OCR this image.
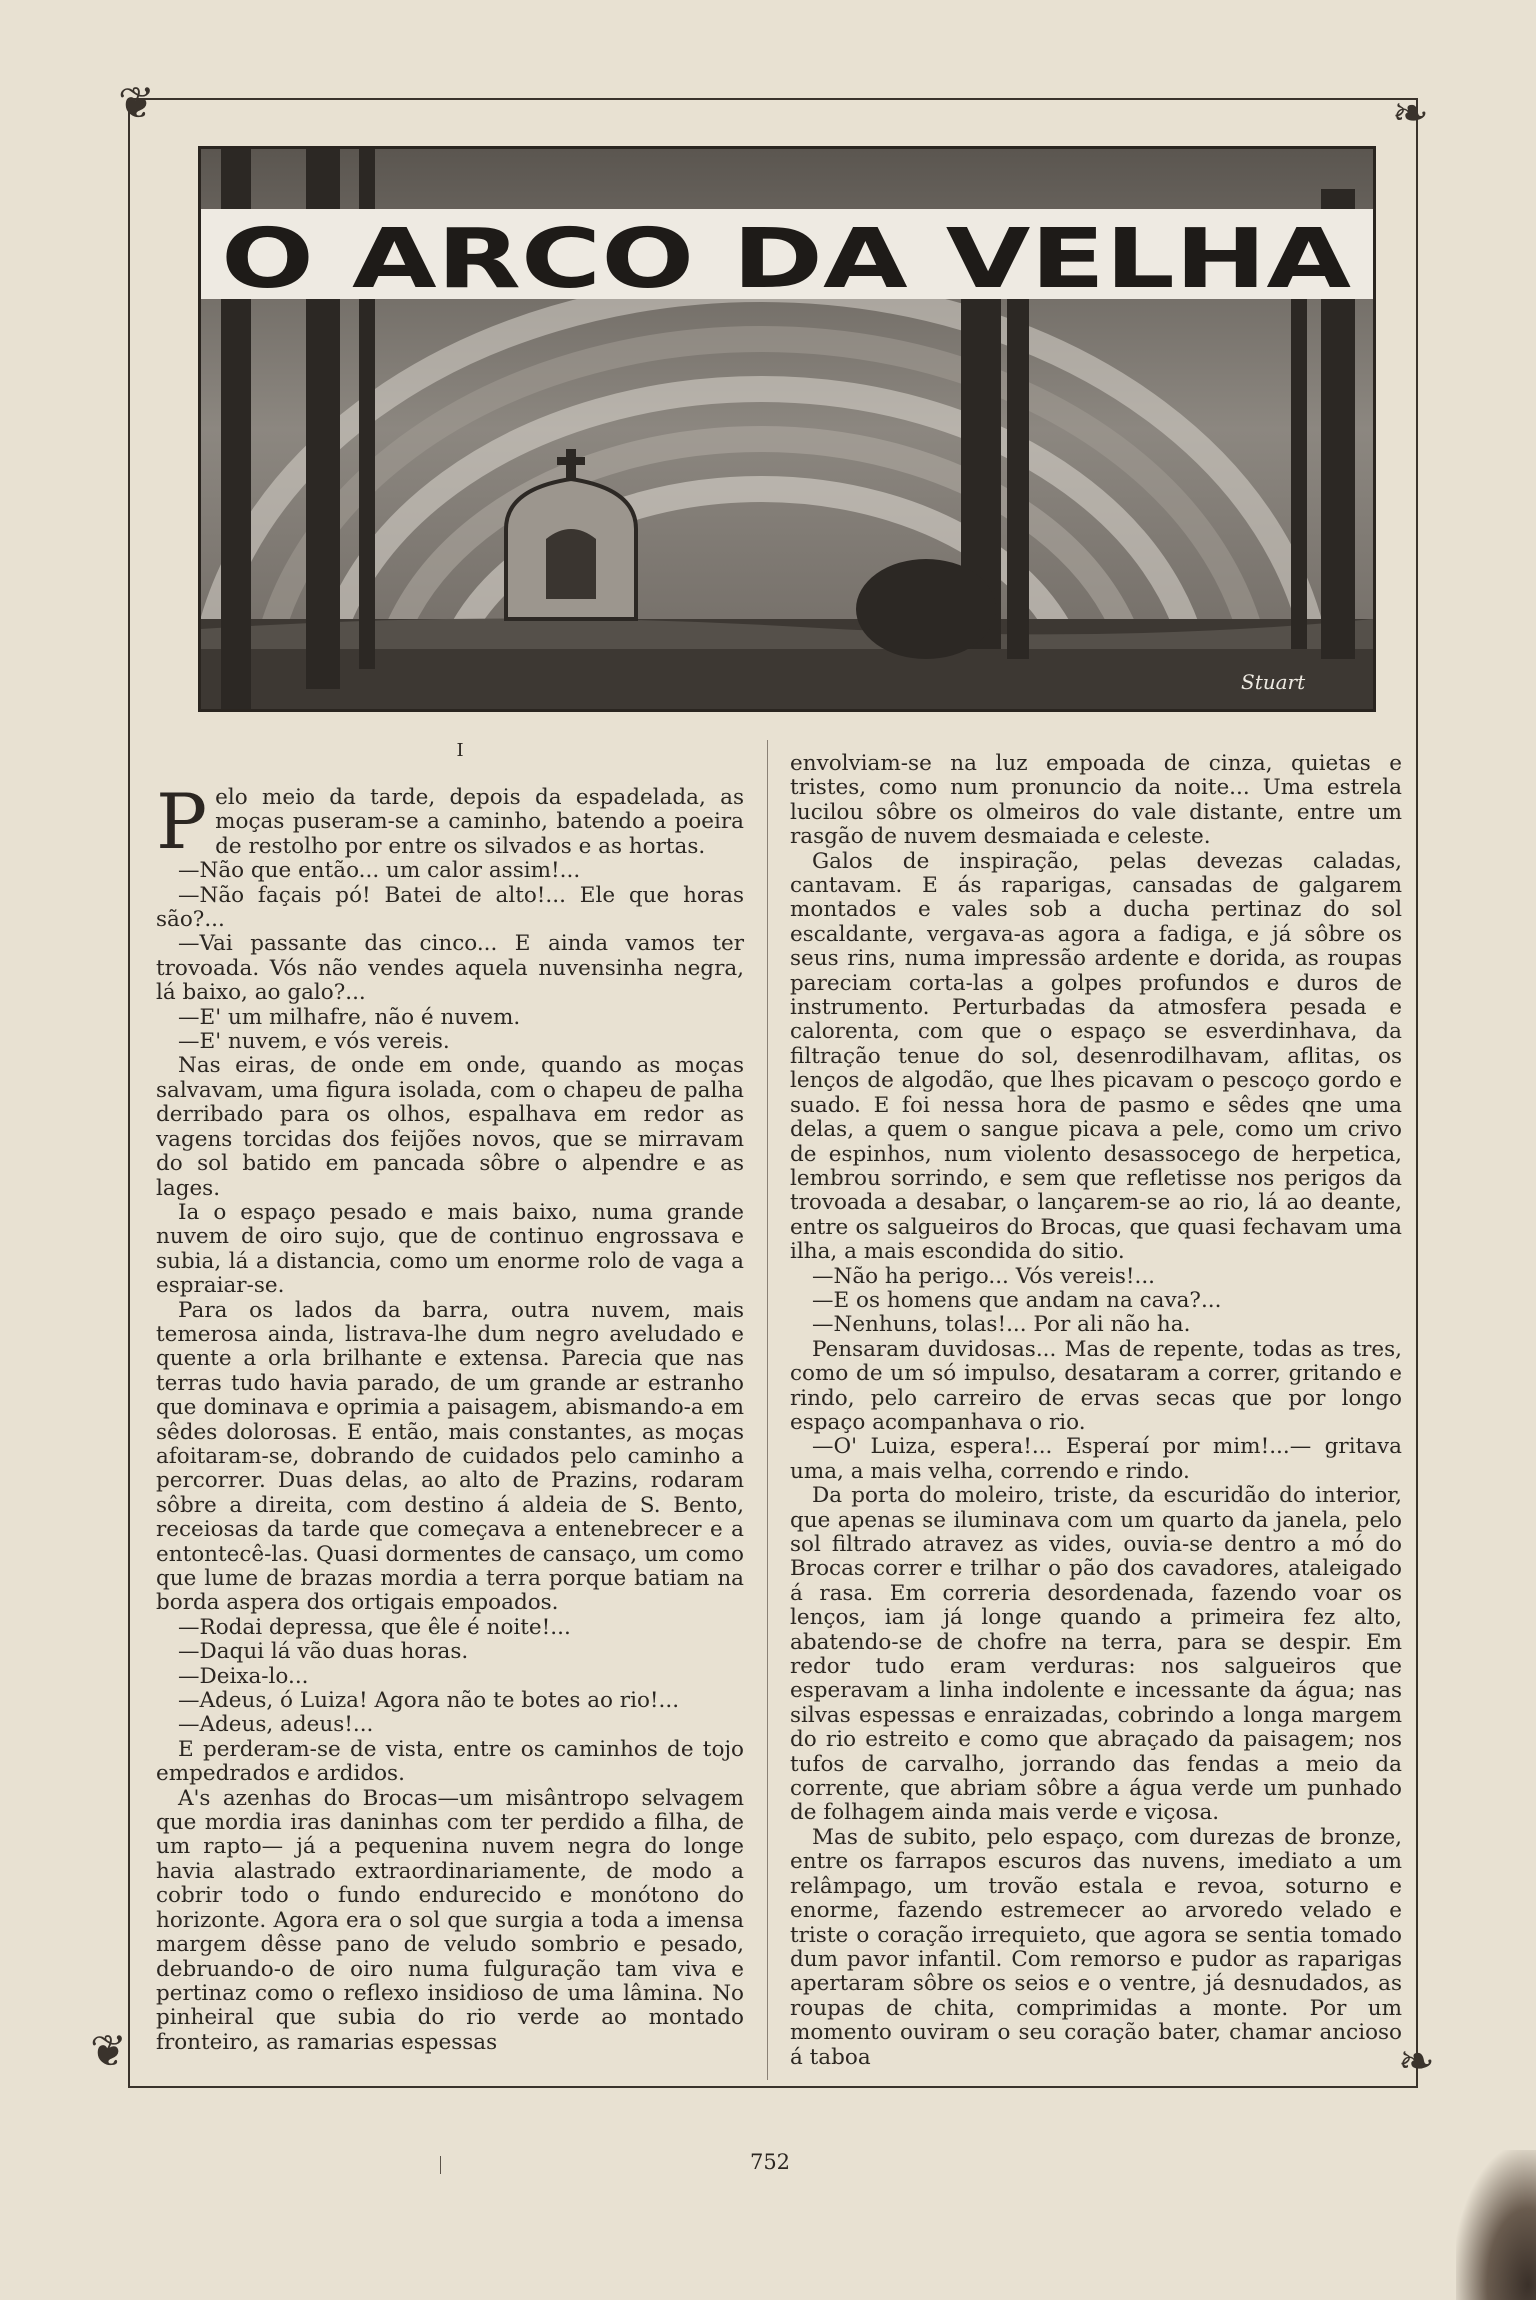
❦	❧
❦	❧
O ARCO DA VELHA
Stuart
I

Pelo meio da tarde, depois da espadelada, as moças puseram-se a caminho, batendo a poeira de restolho por entre os silvados e as hortas.

—Não que então... um calor assim!...

—Não façais pó! Batei de alto!... Ele que horas são?...

—Vai passante das cinco... E ainda vamos ter trovoada. Vós não vendes aquela nuvensinha negra, lá baixo, ao galo?...

—E' um milhafre, não é nuvem.

—E' nuvem, e vós vereis.

Nas eiras, de onde em onde, quando as moças salvavam, uma figura isolada, com o chapeu de palha derribado para os olhos, espalhava em redor as vagens torcidas dos feijões novos, que se mirravam do sol batido em pancada sôbre o alpendre e as lages.

Ia o espaço pesado e mais baixo, numa grande nuvem de oiro sujo, que de continuo engrossava e subia, lá a distancia, como um enorme rolo de vaga a espraiar-se.

Para os lados da barra, outra nuvem, mais temerosa ainda, listrava-lhe dum negro aveludado e quente a orla brilhante e extensa. Parecia que nas terras tudo havia parado, de um grande ar estranho que dominava e oprimia a paisagem, abismando-a em sêdes dolorosas. E então, mais constantes, as moças afoitaram-se, dobrando de cuidados pelo caminho a percorrer. Duas delas, ao alto de Prazins, rodaram sôbre a direita, com destino á aldeia de S. Bento, receiosas da tarde que começava a entenebrecer e a entontecê-las. Quasi dormentes de cansaço, um como que lume de brazas mordia a terra porque batiam na borda aspera dos ortigais empoados.

—Rodai depressa, que êle é noite!...

—Daqui lá vão duas horas.

—Deixa-lo...

—Adeus, ó Luiza! Agora não te botes ao rio!...

—Adeus, adeus!...

E perderam-se de vista, entre os caminhos de tojo empedrados e ardidos.

A's azenhas do Brocas—um misântropo selvagem que mordia iras daninhas com ter perdido a filha, de um rapto— já a pequenina nuvem negra do longe havia alastrado extraordinariamente, de modo a cobrir todo o fundo endurecido e monótono do horizonte. Agora era o sol que surgia a toda a imensa margem dêsse pano de veludo sombrio e pesado, debruando-o de oiro numa fulguração tam viva e pertinaz como o reflexo insidioso de uma lâmina. No pinheiral que subia do rio verde ao montado fronteiro, as ramarias espessas

envolviam-se na luz empoada de cinza, quietas e tristes, como num pronuncio da noite... Uma estrela lucilou sôbre os olmeiros do vale distante, entre um rasgão de nuvem desmaiada e celeste.

Galos de inspiração, pelas devezas caladas, cantavam. E ás raparigas, cansadas de galgarem montados e vales sob a ducha pertinaz do sol escaldante, vergava-as agora a fadiga, e já sôbre os seus rins, numa impressão ardente e dorida, as roupas pareciam corta-las a golpes profundos e duros de instrumento. Perturbadas da atmosfera pesada e calorenta, com que o espaço se esverdinhava, da filtração tenue do sol, desenrodilhavam, aflitas, os lenços de algodão, que lhes picavam o pescoço gordo e suado. E foi nessa hora de pasmo e sêdes qne uma delas, a quem o sangue picava a pele, como um crivo de espinhos, num violento desassocego de herpetica, lembrou sorrindo, e sem que refletisse nos perigos da trovoada a desabar, o lançarem-se ao rio, lá ao deante, entre os salgueiros do Brocas, que quasi fechavam uma ilha, a mais escondida do sitio.

—Não ha perigo... Vós vereis!...

—E os homens que andam na cava?...

—Nenhuns, tolas!... Por ali não ha.

Pensaram duvidosas... Mas de repente, todas as tres, como de um só impulso, desataram a correr, gritando e rindo, pelo carreiro de ervas secas que por longo espaço acompanhava o rio.

—O' Luiza, espera!... Esperaí por mim!...— gritava uma, a mais velha, correndo e rindo.

Da porta do moleiro, triste, da escuridão do interior, que apenas se iluminava com um quarto da janela, pelo sol filtrado atravez as vides, ouvia-se dentro a mó do Brocas correr e trilhar o pão dos cavadores, ataleigado á rasa. Em correria desordenada, fazendo voar os lenços, iam já longe quando a primeira fez alto, abatendo-se de chofre na terra, para se despir. Em redor tudo eram verduras: nos salgueiros que esperavam a linha indolente e incessante da água; nas silvas espessas e enraizadas, cobrindo a longa margem do rio estreito e como que abraçado da paisagem; nos tufos de carvalho, jorrando das fendas a meio da corrente, que abriam sôbre a água verde um punhado de folhagem ainda mais verde e viçosa.

Mas de subito, pelo espaço, com durezas de bronze, entre os farrapos escuros das nuvens, imediato a um relâmpago, um trovão estala e revoa, soturno e enorme, fazendo estremecer ao arvoredo velado e triste o coração irrequieto, que agora se sentia tomado dum pavor infantil. Com remorso e pudor as raparigas apertaram sôbre os seios e o ventre, já desnudados, as roupas de chita, comprimidas a monte. Por um momento ouviram o seu coração bater, chamar ancioso á taboa

752
